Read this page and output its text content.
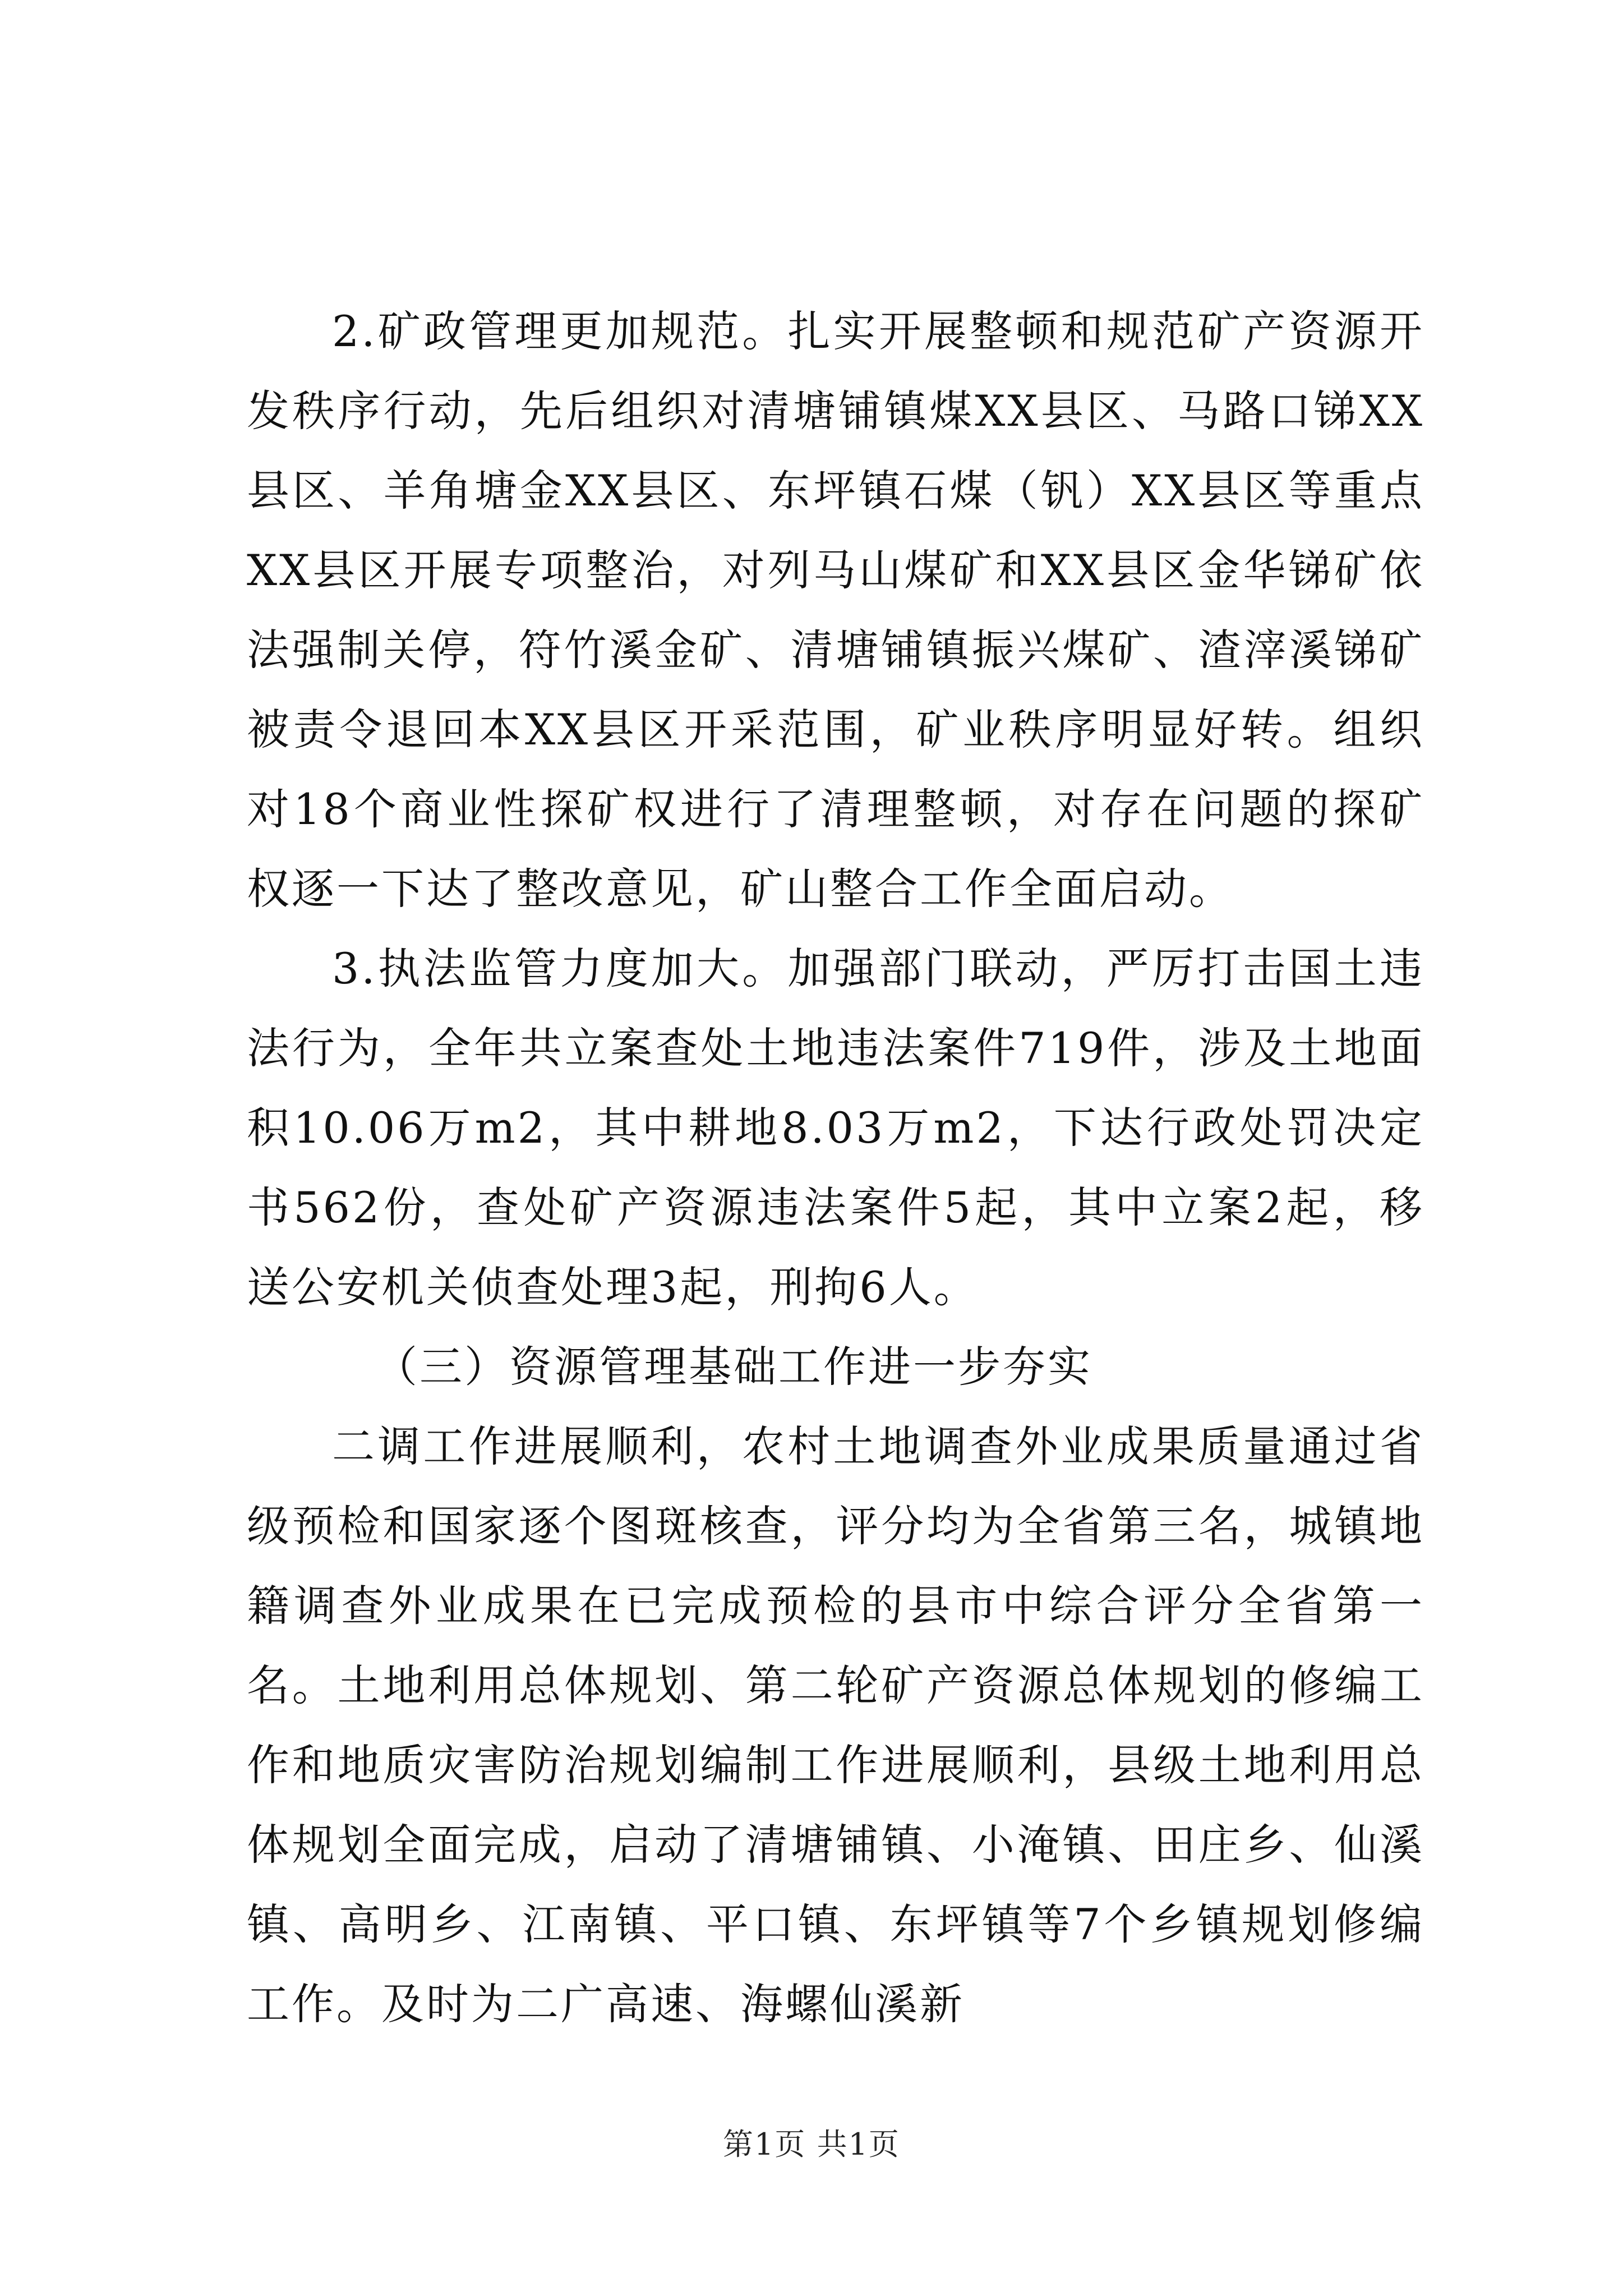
2.矿政管理更加规范。扎实开展整顿和规范矿产资源开发秩序行动，先后组织对清塘铺镇煤XX县区、马路口锑XX县区、羊角塘金XX县区、东坪镇石煤（钒）XX县区等重点XX县区开展专项整治，对列马山煤矿和XX县区金华锑矿依法强制关停，符竹溪金矿、清塘铺镇振兴煤矿、渣滓溪锑矿被责令退回本XX县区开采范围，矿业秩序明显好转。组织对18个商业性探矿权进行了清理整顿，对存在问题的探矿权逐一下达了整改意见，矿山整合工作全面启动。

3.执法监管力度加大。加强部门联动，严厉打击国土违法行为，全年共立案查处土地违法案件719件，涉及土地面积10.06万m2，其中耕地8.03万m2，下达行政处罚决定书562份，查处矿产资源违法案件5起，其中立案2起，移送公安机关侦查处理3起，刑拘6人。

（三）资源管理基础工作进一步夯实

二调工作进展顺利，农村土地调查外业成果质量通过省级预检和国家逐个图斑核查，评分均为全省第三名，城镇地籍调查外业成果在已完成预检的县市中综合评分全省第一名。土地利用总体规划、第二轮矿产资源总体规划的修编工作和地质灾害防治规划编制工作进展顺利，县级土地利用总体规划全面完成，启动了清塘铺镇、小淹镇、田庄乡、仙溪镇、高明乡、江南镇、平口镇、东坪镇等7个乡镇规划修编工作。及时为二广高速、海螺仙溪新

第1页 共1页
